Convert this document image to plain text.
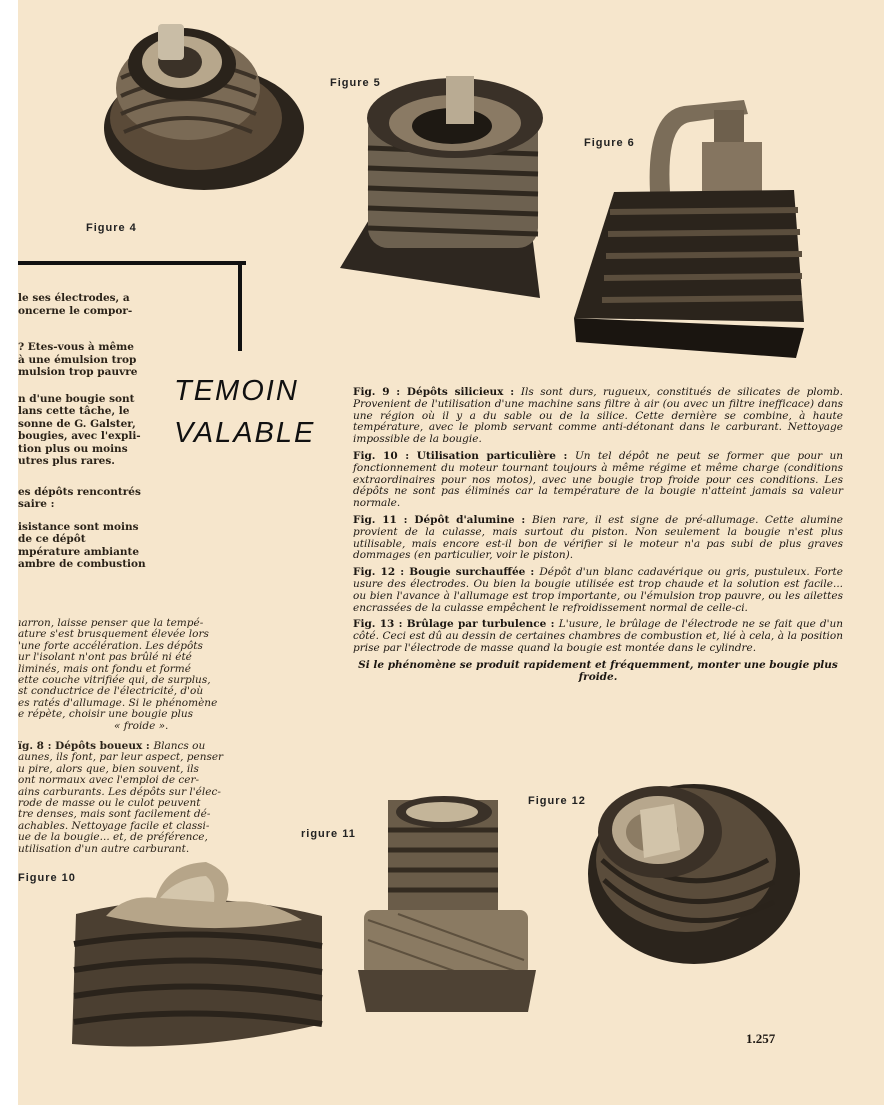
Figure 4
Figure 5
Figure 6

le ses électrodes, a
oncerne le compor-

? Etes-vous à même
à une émulsion trop
mulsion trop pauvre

n d'une bougie sont
lans cette tâche, le
sonne de G. Galster,
bougies, avec l'expli-
tion plus ou moins
utres plus rares.

es dépôts rencontrés
saire :

isistance sont moins
de ce dépôt
mpérature ambiante
ambre de combustion

ıarron, laisse penser que la tempé-
ature s'est brusquement élevée lors
'une forte accélération. Les dépôts
ur l'isolant n'ont pas brûlé ni été
liminés, mais ont fondu et formé
ette couche vitrifiée qui, de surplus,
st conductrice de l'électricité, d'où
es ratés d'allumage. Si le phénomène
e répète, choisir une bougie plus
« froide ».
ïg. 8 : Dépôts boueux : Blancs ou
aunes, ils font, par leur aspect, penser
u pire, alors que, bien souvent, ils
ont normaux avec l'emploi de cer-
ains carburants. Les dépôts sur l'élec-
rode de masse ou le culot peuvent
tre denses, mais sont facilement dé-
achables. Nettoyage facile et classi-
ue de la bougie... et, de préférence,
utilisation d'un autre carburant.
TEMOIN
VALABLE

Fig. 9 : Dépôts silicieux : Ils sont durs, rugueux, constitués de silicates de plomb. Provenient de l'utilisation d'une machine sans filtre à air (ou avec un filtre inefficace) dans une région où il y a du sable ou de la silice. Cette dernière se combine, à haute température, avec le plomb servant comme anti-détonant dans le carburant. Nettoyage impossible de la bougie.

Fig. 10 : Utilisation particulière : Un tel dépôt ne peut se former que pour un fonctionnement du moteur tournant toujours à même régime et même charge (conditions extraordinaires pour nos motos), avec une bougie trop froide pour ces conditions. Les dépôts ne sont pas éliminés car la température de la bougie n'atteint jamais sa valeur normale.

Fig. 11 : Dépôt d'alumine : Bien rare, il est signe de pré-allumage. Cette alumine provient de la culasse, mais surtout du piston. Non seulement la bougie n'est plus utilisable, mais encore est-il bon de vérifier si le moteur n'a pas subi de plus graves dommages (en particulier, voir le piston).

Fig. 12 : Bougie surchauffée : Dépôt d'un blanc cadavérique ou gris, pustuleux. Forte usure des électrodes. Ou bien la bougie utilisée est trop chaude et la solution est facile... ou bien l'avance à l'allumage est trop importante, ou l'émulsion trop pauvre, ou les ailettes encrassées de la culasse empêchent le refroidissement normal de celle-ci.

Fig. 13 : Brûlage par turbulence : L'usure, le brûlage de l'électrode ne se fait que d'un côté. Ceci est dû au dessin de certaines chambres de combustion et, lié à cela, à la position prise par l'électrode de masse quand la bougie est montée dans le cylindre.

Si le phénomène se produit rapidement et fréquemment, monter une bougie plus froide.

Figure 10
rigure 11
Figure 12
1.257
